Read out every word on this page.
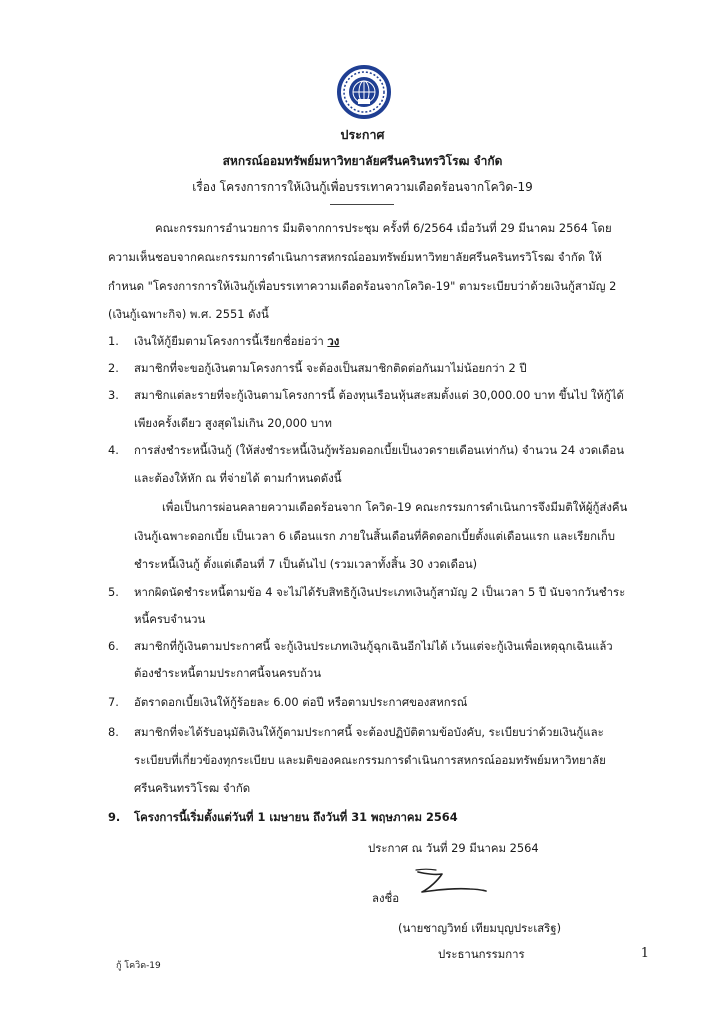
ประกาศ
สหกรณ์ออมทรัพย์มหาวิทยาลัยศรีนครินทรวิโรฒ จำกัด
เรื่อง โครงการการให้เงินกู้เพื่อบรรเทาความเดือดร้อนจากโควิด-19
คณะกรรมการอำนวยการ มีมติจากการประชุม ครั้งที่ 6/2564 เมื่อวันที่ 29 มีนาคม 2564 โดย
ความเห็นชอบจากคณะกรรมการดำเนินการสหกรณ์ออมทรัพย์มหาวิทยาลัยศรีนครินทรวิโรฒ จำกัด ให้
กำหนด "โครงการการให้เงินกู้เพื่อบรรเทาความเดือดร้อนจากโควิด-19" ตามระเบียบว่าด้วยเงินกู้สามัญ 2
(เงินกู้เฉพาะกิจ) พ.ศ. 2551 ดังนี้
1.	เงินให้กู้ยืมตามโครงการนี้เรียกชื่อย่อว่า วง
2.	สมาชิกที่จะขอกู้เงินตามโครงการนี้ จะต้องเป็นสมาชิกติดต่อกันมาไม่น้อยกว่า 2 ปี
3.	สมาชิกแต่ละรายที่จะกู้เงินตามโครงการนี้ ต้องทุนเรือนหุ้นสะสมตั้งแต่ 30,000.00 บาท ขึ้นไป ให้กู้ได้
เพียงครั้งเดียว สูงสุดไม่เกิน 20,000 บาท
4.	การส่งชำระหนี้เงินกู้ (ให้ส่งชำระหนี้เงินกู้พร้อมดอกเบี้ยเป็นงวดรายเดือนเท่ากัน) จำนวน 24 งวดเดือน
และต้องให้หัก ณ ที่จ่ายได้ ตามกำหนดดังนี้
เพื่อเป็นการผ่อนคลายความเดือดร้อนจาก โควิด-19 คณะกรรมการดำเนินการจึงมีมติให้ผู้กู้ส่งคืน
เงินกู้เฉพาะดอกเบี้ย เป็นเวลา 6 เดือนแรก ภายในสิ้นเดือนที่คิดดอกเบี้ยตั้งแต่เดือนแรก และเรียกเก็บ
ชำระหนี้เงินกู้ ตั้งแต่เดือนที่ 7 เป็นต้นไป (รวมเวลาทั้งสิ้น 30 งวดเดือน)
5.	หากผิดนัดชำระหนี้ตามข้อ 4 จะไม่ได้รับสิทธิกู้เงินประเภทเงินกู้สามัญ 2 เป็นเวลา 5 ปี นับจากวันชำระ
หนี้ครบจำนวน
6.	สมาชิกที่กู้เงินตามประกาศนี้ จะกู้เงินประเภทเงินกู้ฉุกเฉินอีกไม่ได้ เว้นแต่จะกู้เงินเพื่อเหตุฉุกเฉินแล้ว
ต้องชำระหนี้ตามประกาศนี้จนครบถ้วน
7.	อัตราดอกเบี้ยเงินให้กู้ร้อยละ 6.00 ต่อปี หรือตามประกาศของสหกรณ์
8.	สมาชิกที่จะได้รับอนุมัติเงินให้กู้ตามประกาศนี้ จะต้องปฏิบัติตามข้อบังคับ, ระเบียบว่าด้วยเงินกู้และ
ระเบียบที่เกี่ยวข้องทุกระเบียบ และมติของคณะกรรมการดำเนินการสหกรณ์ออมทรัพย์มหาวิทยาลัย
ศรีนครินทรวิโรฒ จำกัด
9.	โครงการนี้เริ่มตั้งแต่วันที่ 1 เมษายน ถึงวันที่ 31 พฤษภาคม 2564
ประกาศ ณ วันที่ 29 มีนาคม 2564
ลงชื่อ
(นายชาญวิทย์ เทียมบุญประเสริฐ)
ประธานกรรมการ
กู้ โควิด-19
1
